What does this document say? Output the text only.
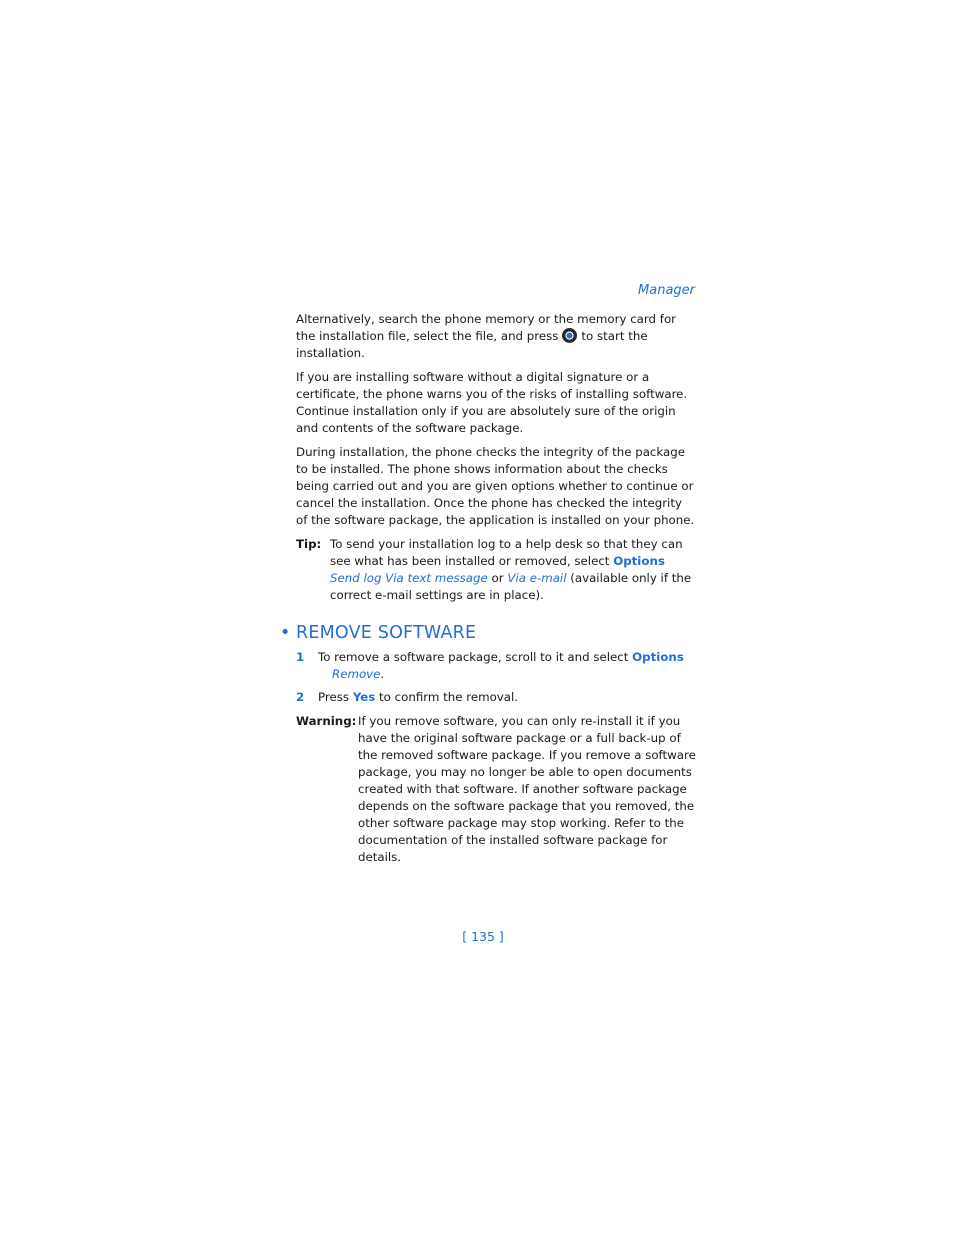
Manager

Alternatively, search the phone memory or the memory card for the installation file, select the file, and press to start the installation.

If you are installing software without a digital signature or a certificate, the phone warns you of the risks of installing software. Continue installation only if you are absolutely sure of the origin and contents of the software package.

During installation, the phone checks the integrity of the package to be installed. The phone shows information about the checks being carried out and you are given options whether to continue or cancel the installation. Once the phone has checked the integrity of the software package, the application is installed on your phone.

Tip: To send your installation log to a help desk so that they can see what has been installed or removed, select OptionsSend log Via text message or Via e-mail (available only if the correct e-mail settings are in place).
• REMOVE SOFTWARE
1	To remove a software package, scroll to it and select OptionsRemove.
2	Press Yes to confirm the removal.
Warning: If you remove software, you can only re-install it if you have the original software package or a full back-up of the removed software package. If you remove a software package, you may no longer be able to open documents created with that software. If another software package depends on the software package that you removed, the other software package may stop working. Refer to the documentation of the installed software package for details.
[ 135 ]
